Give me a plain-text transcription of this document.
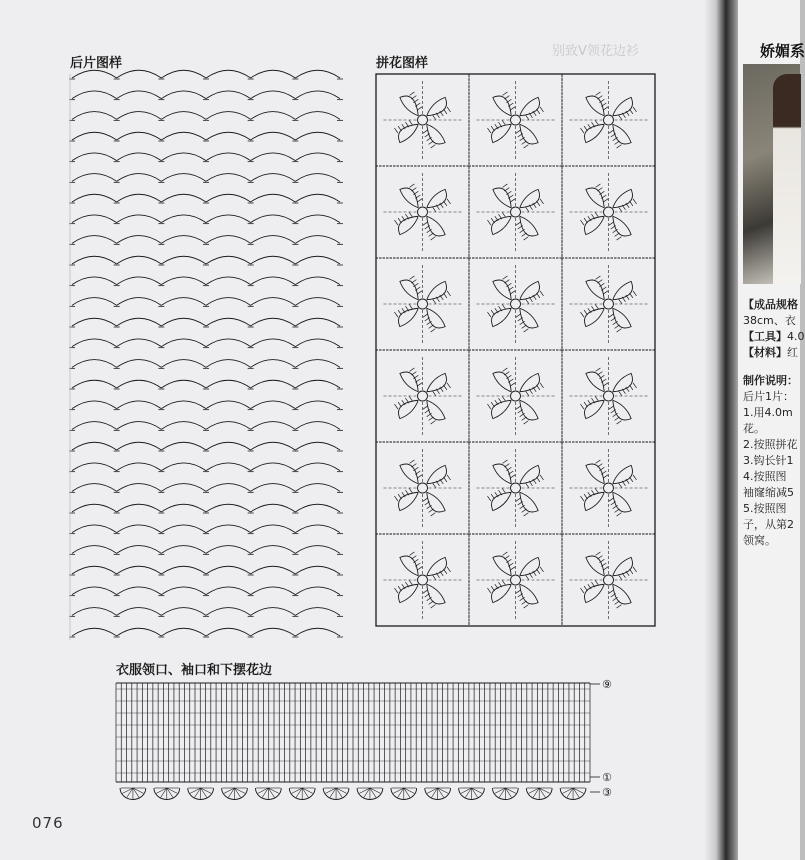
别致V领花边衫
后片图样	拼花图样
衣服领口、袖口和下摆花边
076
⑨
①
③
娇媚系
【成品规格
38cm、衣
【工具】4.0
【材料】红
制作说明：
后片1片：
1.用4.0m
花。
2.按照拼花
3.钩长针1
4.按照图
袖窿缩减5
5.按照图
子，从第2
领窝。
